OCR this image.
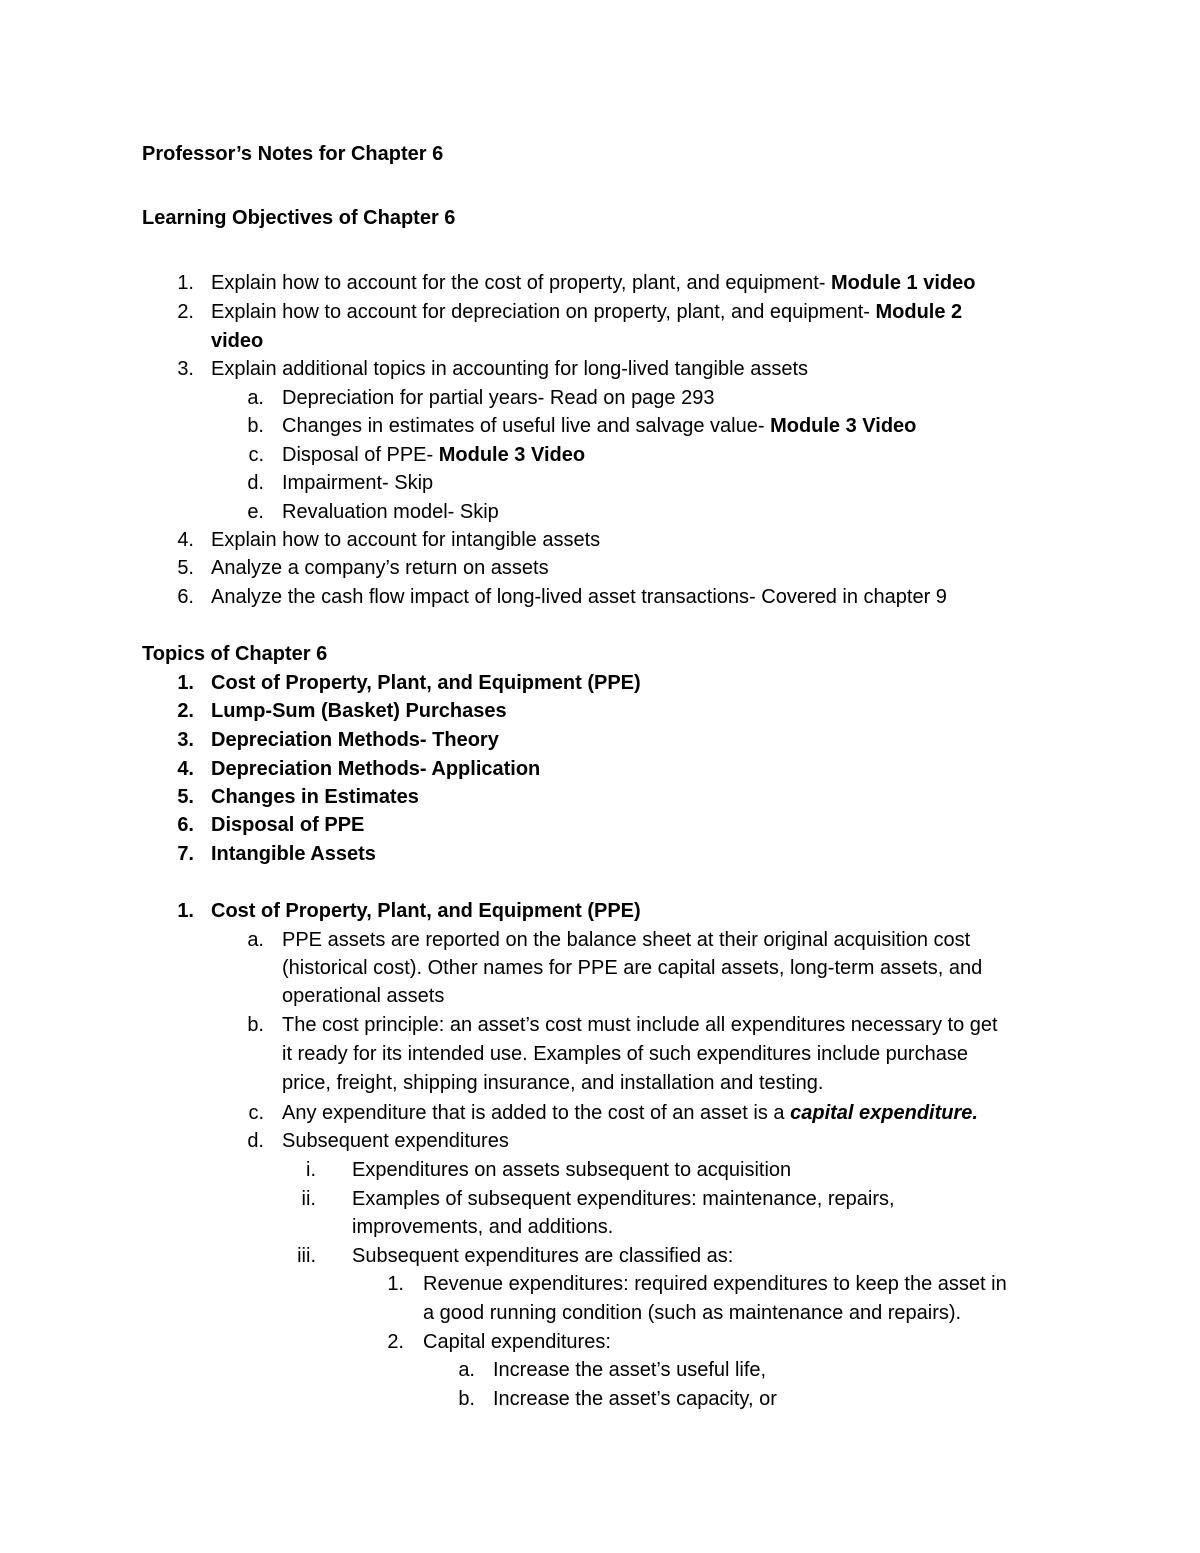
Professor’s Notes for Chapter 6
Learning Objectives of Chapter 6
1. Explain how to account for the cost of property, plant, and equipment- Module 1 video
2. Explain how to account for depreciation on property, plant, and equipment- Module 2
video
3. Explain additional topics in accounting for long-lived tangible assets
a. Depreciation for partial years- Read on page 293
b. Changes in estimates of useful live and salvage value- Module 3 Video
c. Disposal of PPE- Module 3 Video
d. Impairment- Skip
e. Revaluation model- Skip
4. Explain how to account for intangible assets
5. Analyze a company’s return on assets
6. Analyze the cash flow impact of long-lived asset transactions- Covered in chapter 9
Topics of Chapter 6
1. Cost of Property, Plant, and Equipment (PPE)
2. Lump-Sum (Basket) Purchases
3. Depreciation Methods- Theory
4. Depreciation Methods- Application
5. Changes in Estimates
6. Disposal of PPE
7. Intangible Assets
1. Cost of Property, Plant, and Equipment (PPE)
a. PPE assets are reported on the balance sheet at their original acquisition cost
(historical cost). Other names for PPE are capital assets, long-term assets, and
operational assets
b. The cost principle: an asset’s cost must include all expenditures necessary to get
it ready for its intended use. Examples of such expenditures include purchase
price, freight, shipping insurance, and installation and testing.
c. Any expenditure that is added to the cost of an asset is a capital expenditure.
d. Subsequent expenditures
i. Expenditures on assets subsequent to acquisition
ii. Examples of subsequent expenditures: maintenance, repairs,
improvements, and additions.
iii. Subsequent expenditures are classified as:
1. Revenue expenditures: required expenditures to keep the asset in
a good running condition (such as maintenance and repairs).
2. Capital expenditures:
a. Increase the asset’s useful life,
b. Increase the asset’s capacity, or
